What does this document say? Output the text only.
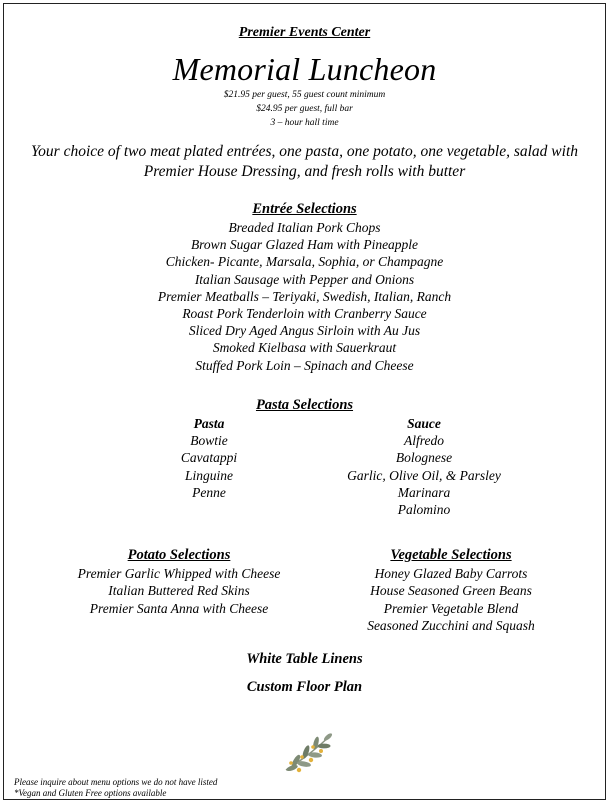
Premier Events Center
Memorial Luncheon
$21.95 per guest, 55 guest count minimum
$24.95 per guest, full bar
3 – hour hall time
Your choice of two meat plated entrées, one pasta, one potato, one vegetable, salad with Premier House Dressing, and fresh rolls with butter
Entrée Selections
Breaded Italian Pork Chops
Brown Sugar Glazed Ham with Pineapple
Chicken- Picante, Marsala, Sophia, or Champagne
Italian Sausage with Pepper and Onions
Premier Meatballs – Teriyaki, Swedish, Italian, Ranch
Roast Pork Tenderloin with Cranberry Sauce
Sliced Dry Aged Angus Sirloin with Au Jus
Smoked Kielbasa with Sauerkraut
Stuffed Pork Loin – Spinach and Cheese
Pasta Selections
Pasta
Bowtie
Cavatappi
Linguine
Penne
Sauce
Alfredo
Bolognese
Garlic, Olive Oil, & Parsley
Marinara
Palomino
Potato Selections
Premier Garlic Whipped with Cheese
Italian Buttered Red Skins
Premier Santa Anna with Cheese
Vegetable Selections
Honey Glazed Baby Carrots
House Seasoned Green Beans
Premier Vegetable Blend
Seasoned Zucchini and Squash
White Table Linens
Custom Floor Plan
Please inquire about menu options we do not have listed
*Vegan and Gluten Free options available
